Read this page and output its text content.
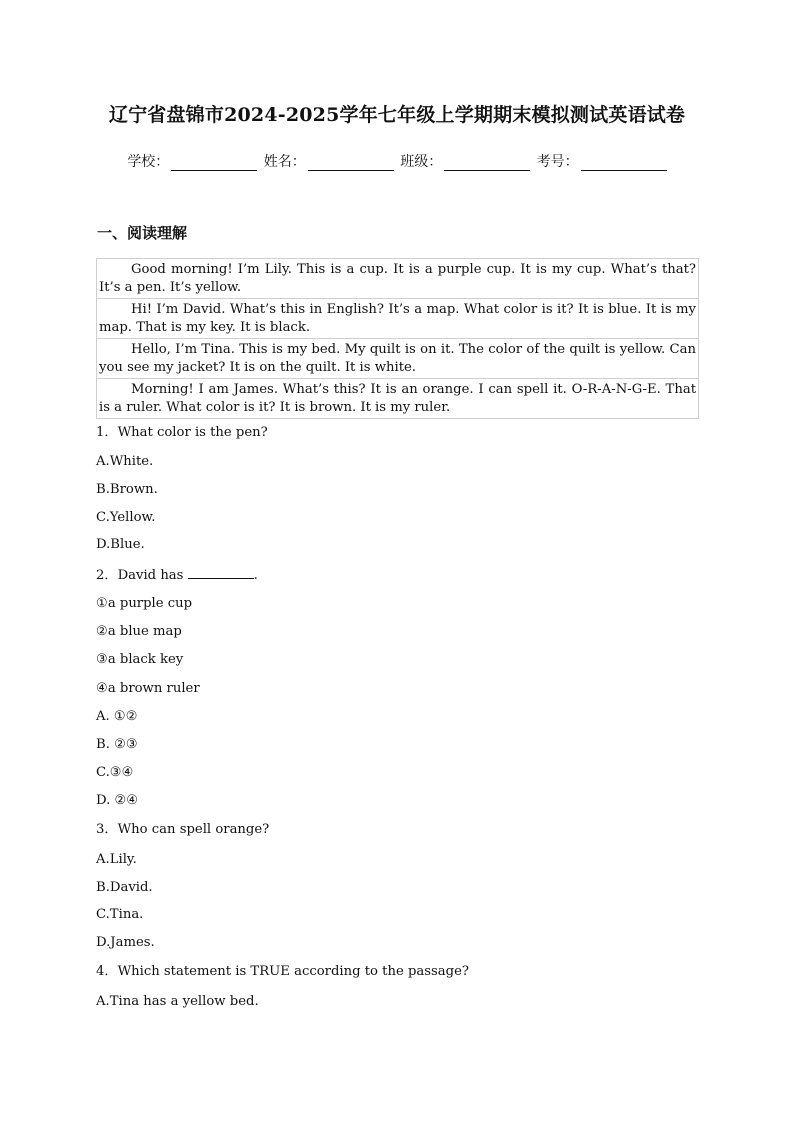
辽宁省盘锦市2024-2025学年七年级上学期期末模拟测试英语试卷
学校：	姓名：	班级：	考号：
一、阅读理解

Good morning! I’m Lily. This is a cup. It is a purple cup. It is my cup. What’s that? It’s a pen. It’s yellow.

Hi! I’m David. What’s this in English? It’s a map. What color is it? It is blue. It is my map. That is my key. It is black.

Hello, I’m Tina. This is my bed. My quilt is on it. The color of the quilt is yellow. Can you see my jacket? It is on the quilt. It is white.

Morning! I am James. What’s this? It is an orange. I can spell it. O-R-A-N-G-E. That is a ruler. What color is it? It is brown. It is my ruler.

1．What color is the pen?
A.White.
B.Brown.
C.Yellow.
D.Blue.
2．David has	.
①a purple cup
②a blue map
③a black key
④a brown ruler
A. ①②
B. ②③
C.③④
D. ②④
3．Who can spell orange?
A.Lily.
B.David.
C.Tina.
D.James.
4．Which statement is TRUE according to the passage?
A.Tina has a yellow bed.
